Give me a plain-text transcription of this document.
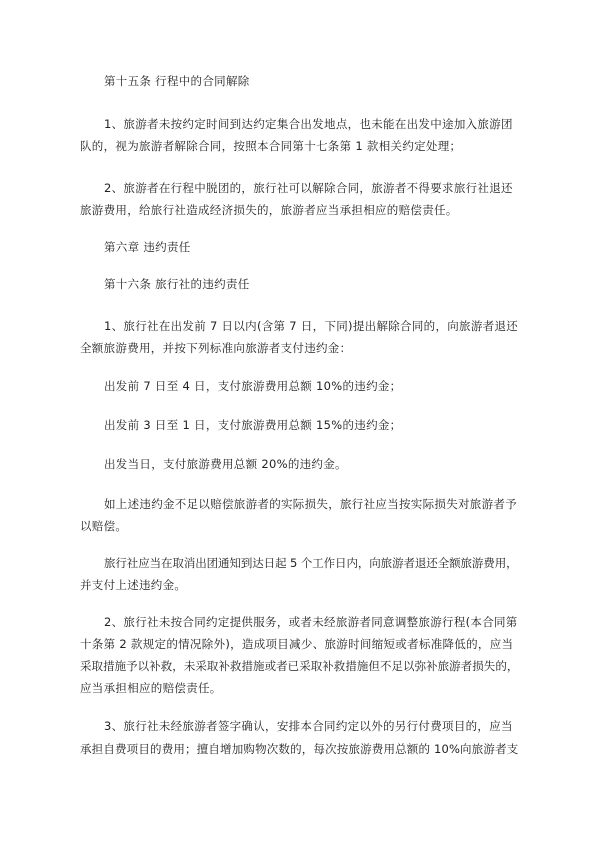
第十五条 行程中的合同解除

1、旅游者未按约定时间到达约定集合出发地点，也未能在出发中途加入旅游团

队的，视为旅游者解除合同，按照本合同第十七条第 1 款相关约定处理；

2、旅游者在行程中脱团的，旅行社可以解除合同，旅游者不得要求旅行社退还

旅游费用，给旅行社造成经济损失的，旅游者应当承担相应的赔偿责任。

第六章 违约责任

第十六条 旅行社的违约责任

1、旅行社在出发前 7 日以内(含第 7 日，下同)提出解除合同的，向旅游者退还

全额旅游费用，并按下列标准向旅游者支付违约金：

出发前 7 日至 4 日，支付旅游费用总额 10%的违约金；

出发前 3 日至 1 日，支付旅游费用总额 15%的违约金；

出发当日，支付旅游费用总额 20%的违约金。

如上述违约金不足以赔偿旅游者的实际损失，旅行社应当按实际损失对旅游者予

以赔偿。

旅行社应当在取消出团通知到达日起 5 个工作日内，向旅游者退还全额旅游费用，

并支付上述违约金。

2、旅行社未按合同约定提供服务，或者未经旅游者同意调整旅游行程(本合同第

十条第 2 款规定的情况除外)，造成项目减少、旅游时间缩短或者标准降低的，应当

采取措施予以补救，未采取补救措施或者已采取补救措施但不足以弥补旅游者损失的，

应当承担相应的赔偿责任。

3、旅行社未经旅游者签字确认，安排本合同约定以外的另行付费项目的，应当

承担自费项目的费用；擅自增加购物次数的，每次按旅游费用总额的 10%向旅游者支
